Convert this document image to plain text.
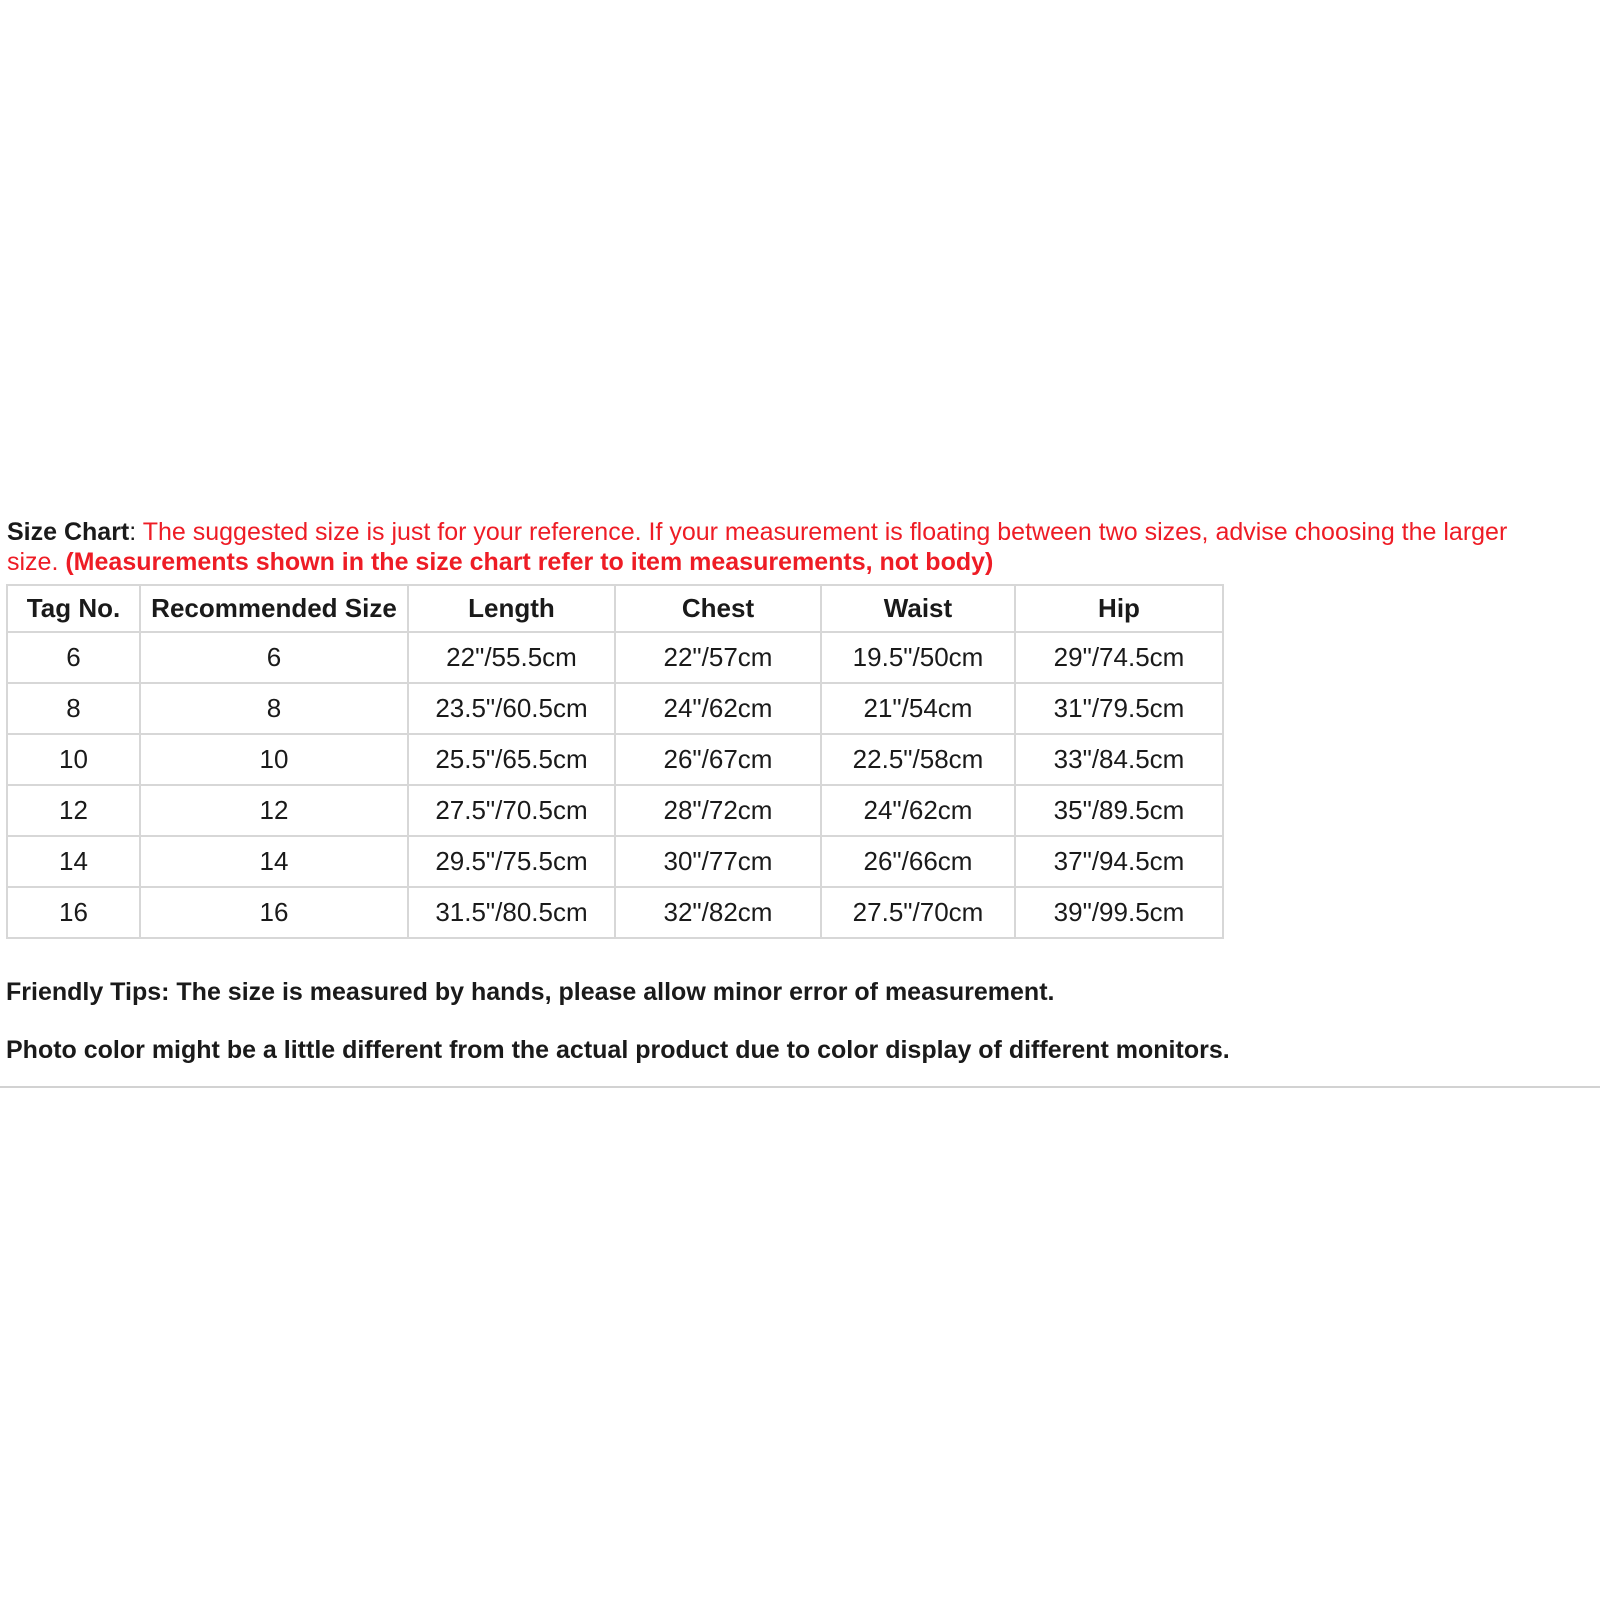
Size Chart: The suggested size is just for your reference. If your measurement is floating between two sizes, advise choosing the larger
size. (Measurements shown in the size chart refer to item measurements, not body)
Tag No.	Recommended Size	Length	Chest	Waist	Hip
6	6	22"/55.5cm	22"/57cm	19.5"/50cm	29"/74.5cm
8	8	23.5"/60.5cm	24"/62cm	21"/54cm	31"/79.5cm
10	10	25.5"/65.5cm	26"/67cm	22.5"/58cm	33"/84.5cm
12	12	27.5"/70.5cm	28"/72cm	24"/62cm	35"/89.5cm
14	14	29.5"/75.5cm	30"/77cm	26"/66cm	37"/94.5cm
16	16	31.5"/80.5cm	32"/82cm	27.5"/70cm	39"/99.5cm

Friendly Tips: The size is measured by hands, please allow minor error of measurement.

Photo color might be a little different from the actual product due to color display of different monitors.
